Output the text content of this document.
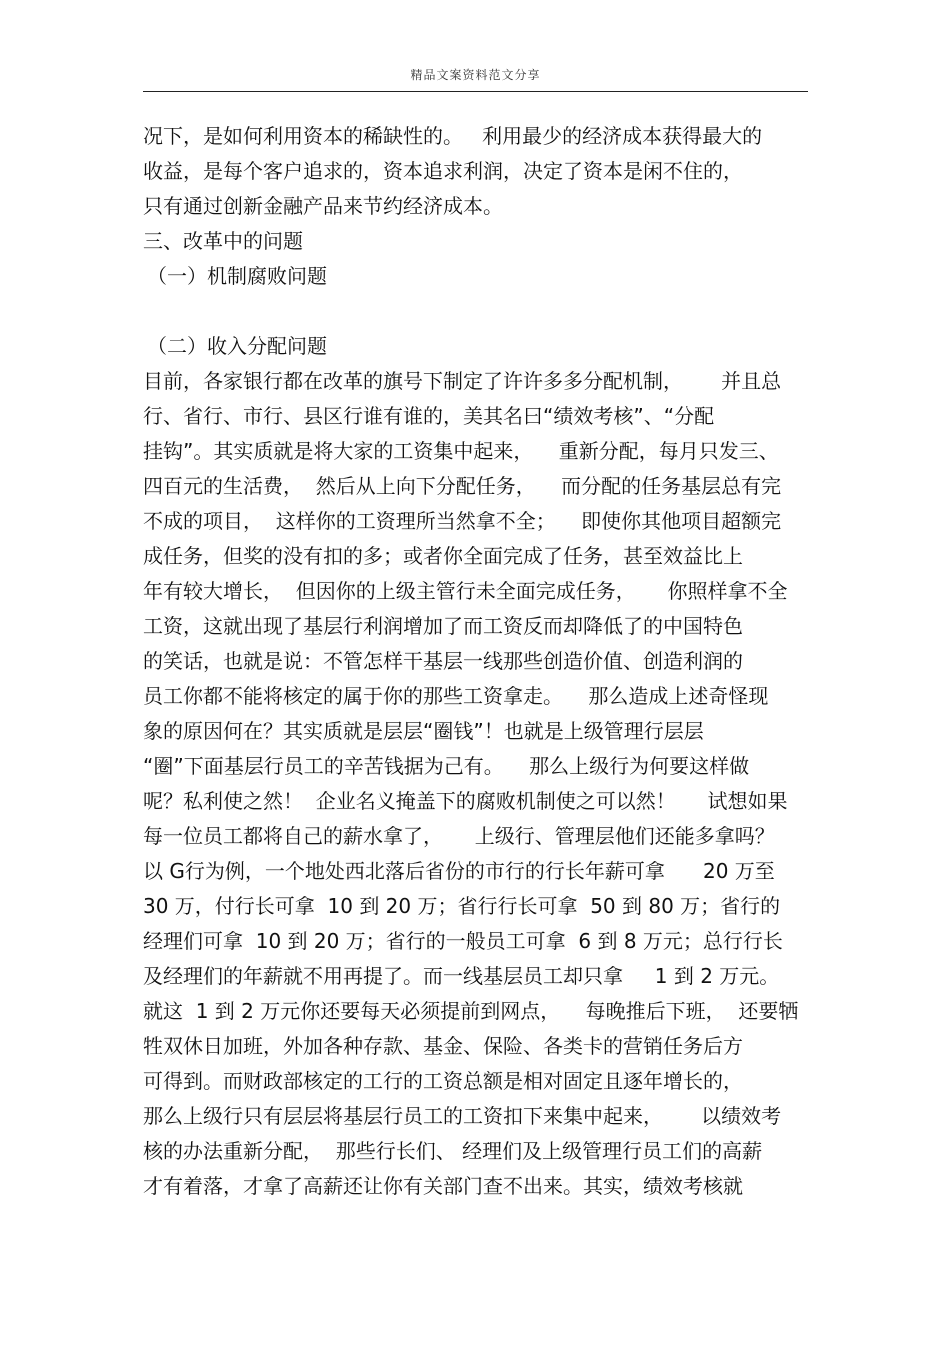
精品文案资料范文分享
况下，是如何利用资本的稀缺性的。   利用最少的经济成本获得最大的
收益，是每个客户追求的，资本追求利润，决定了资本是闲不住的，
只有通过创新金融产品来节约经济成本。
三、改革中的问题
（一）机制腐败问题
（二）收入分配问题
目前，各家银行都在改革的旗号下制定了许许多多分配机制，      并且总
行、省行、市行、县区行谁有谁的，美其名曰“绩效考核”、“分配
挂钩”。其实质就是将大家的工资集中起来，    重新分配，每月只发三、
四百元的生活费，  然后从上向下分配任务，    而分配的任务基层总有完
不成的项目，  这样你的工资理所当然拿不全；    即使你其他项目超额完
成任务，但奖的没有扣的多；或者你全面完成了任务，甚至效益比上
年有较大增长，  但因你的上级主管行未全面完成任务，     你照样拿不全
工资，这就出现了基层行利润增加了而工资反而却降低了的中国特色
的笑话，也就是说：不管怎样干基层一线那些创造价值、创造利润的
员工你都不能将核定的属于你的那些工资拿走。    那么造成上述奇怪现
象的原因何在？其实质就是层层“圈钱”！也就是上级管理行层层
“圈”下面基层行员工的辛苦钱据为己有。    那么上级行为何要这样做
呢？私利使之然！  企业名义掩盖下的腐败机制使之可以然！     试想如果
每一位员工都将自己的薪水拿了，     上级行、管理层他们还能多拿吗？
以 G行为例，一个地处西北落后省份的市行的行长年薪可拿      20 万至
30 万，付行长可拿  10 到 20 万；省行行长可拿  50 到 80 万；省行的
经理们可拿  10 到 20 万；省行的一般员工可拿  6 到 8 万元；总行行长
及经理们的年薪就不用再提了。而一线基层员工却只拿     1 到 2 万元。
就这  1 到 2 万元你还要每天必须提前到网点，    每晚推后下班，  还要牺
牲双休日加班，外加各种存款、基金、保险、各类卡的营销任务后方
可得到。而财政部核定的工行的工资总额是相对固定且逐年增长的，
那么上级行只有层层将基层行员工的工资扣下来集中起来，      以绩效考
核的办法重新分配，  那些行长们、 经理们及上级管理行员工们的高薪
才有着落，才拿了高薪还让你有关部门查不出来。其实，绩效考核就
